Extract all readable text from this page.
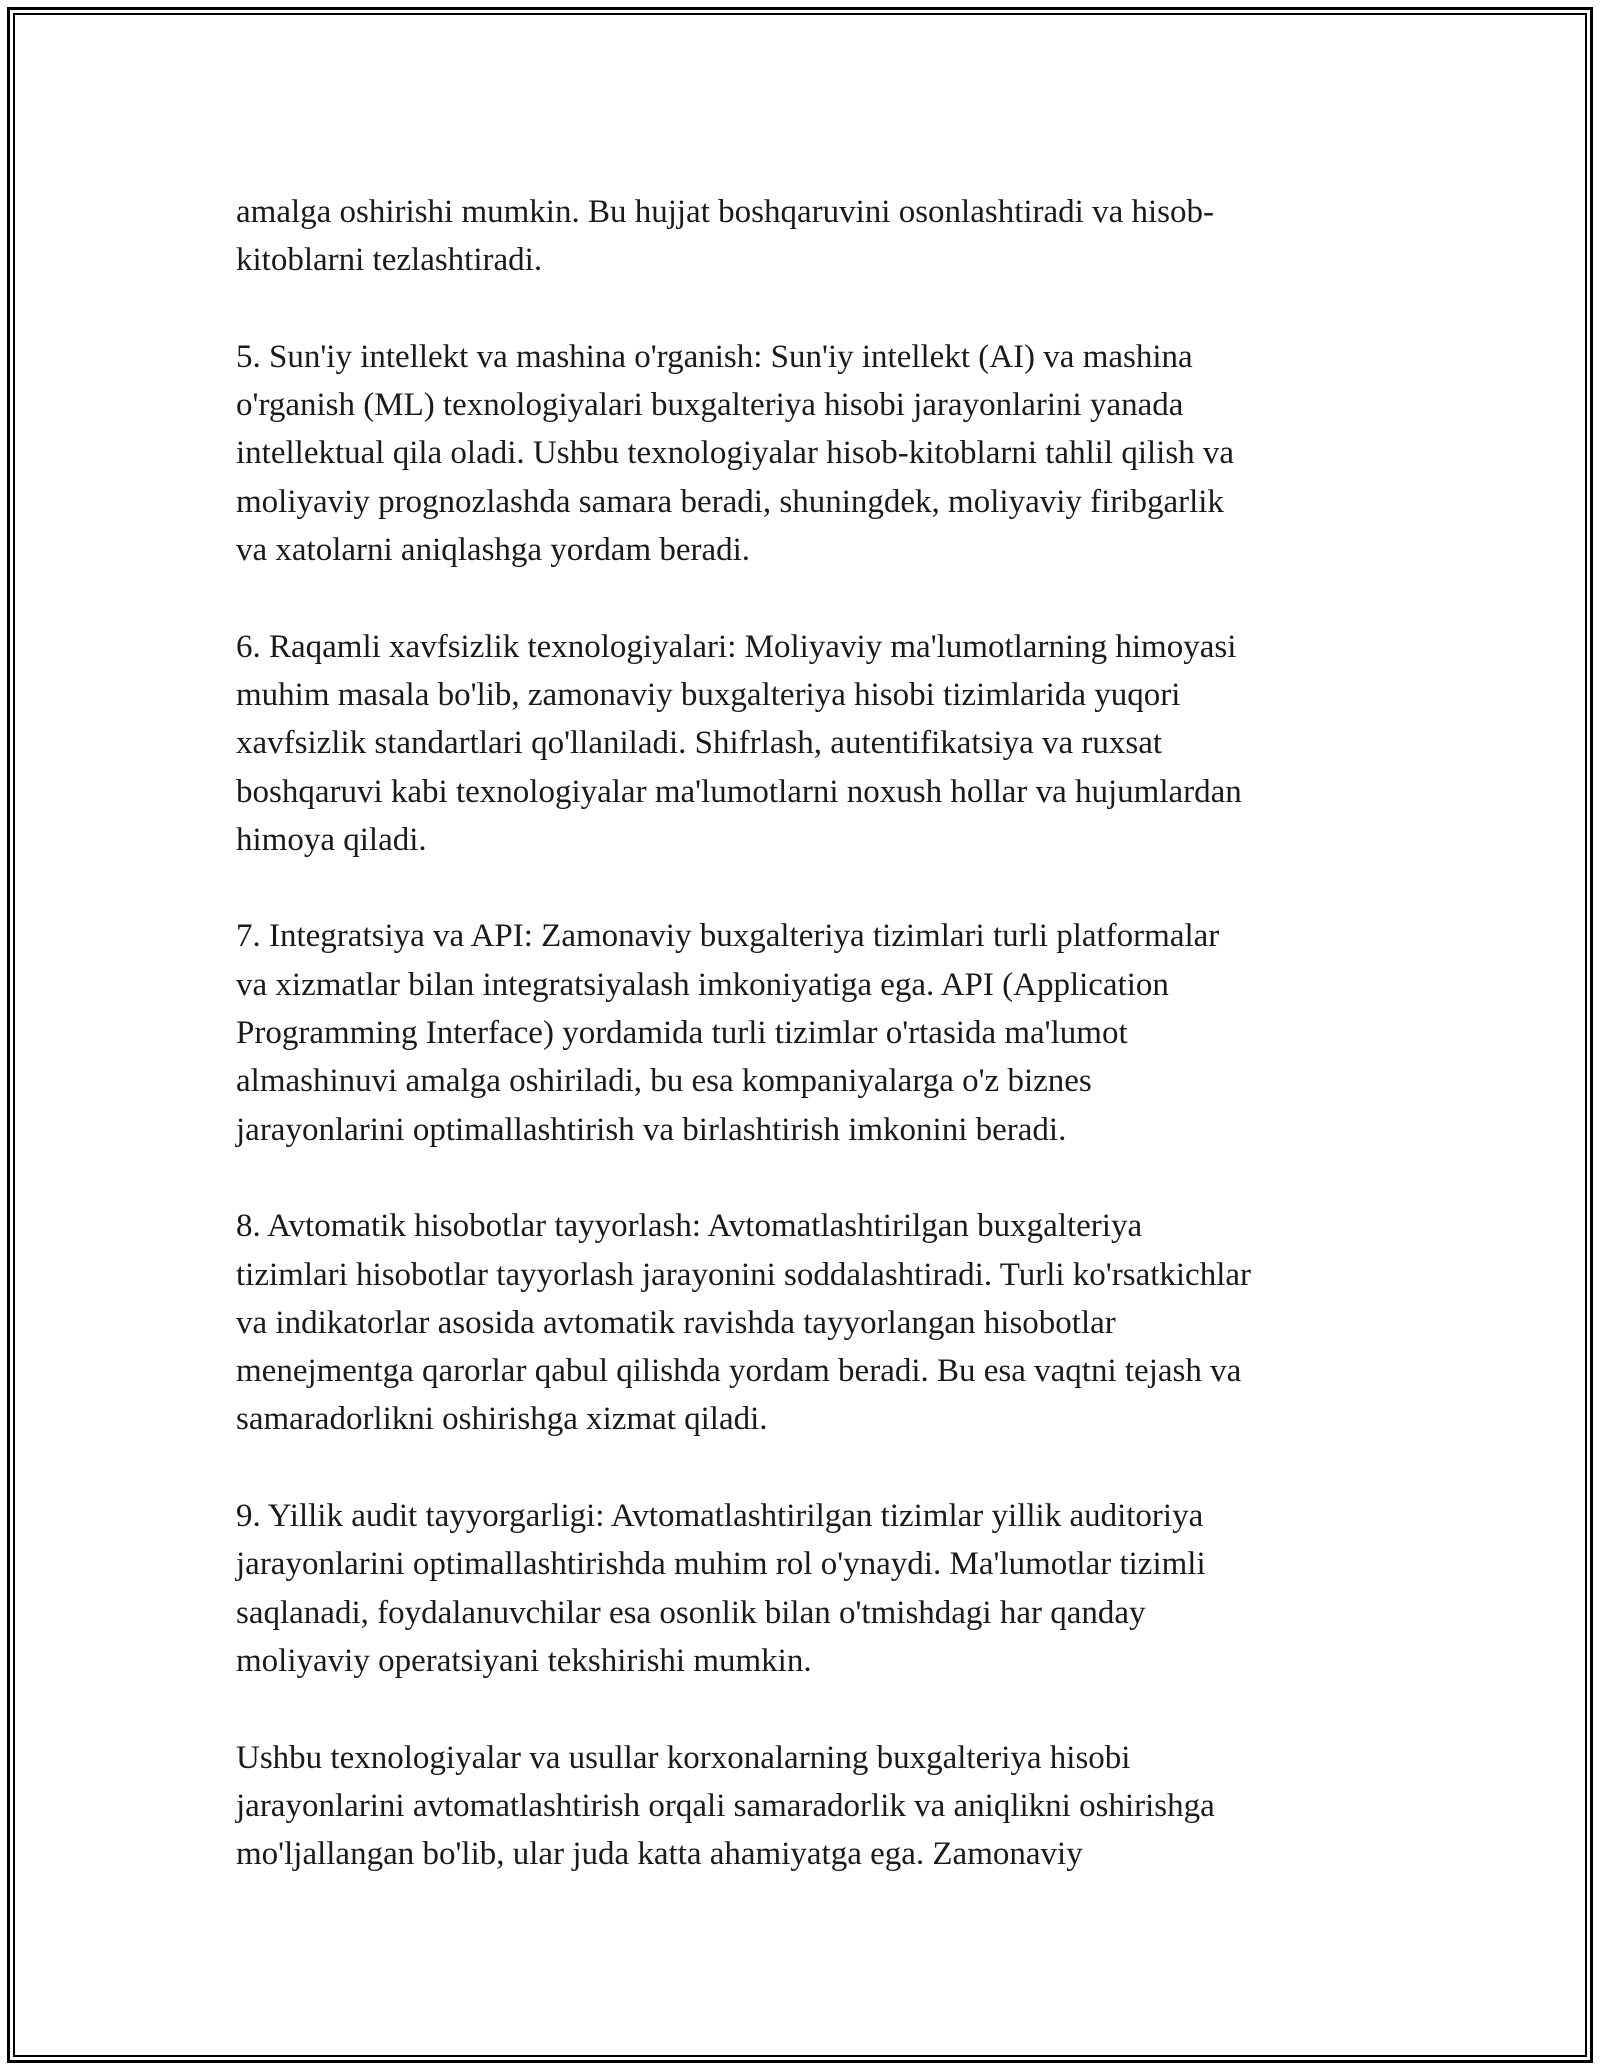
amalga oshirishi mumkin. Bu hujjat boshqaruvini osonlashtiradi va hisob-
kitoblarni tezlashtiradi.

5. Sun'iy intellekt va mashina o'rganish: Sun'iy intellekt (AI) va mashina
o'rganish (ML) texnologiyalari buxgalteriya hisobi jarayonlarini yanada
intellektual qila oladi. Ushbu texnologiyalar hisob-kitoblarni tahlil qilish va
moliyaviy prognozlashda samara beradi, shuningdek, moliyaviy firibgarlik
va xatolarni aniqlashga yordam beradi.

6. Raqamli xavfsizlik texnologiyalari: Moliyaviy ma'lumotlarning himoyasi
muhim masala bo'lib, zamonaviy buxgalteriya hisobi tizimlarida yuqori
xavfsizlik standartlari qo'llaniladi. Shifrlash, autentifikatsiya va ruxsat
boshqaruvi kabi texnologiyalar ma'lumotlarni noxush hollar va hujumlardan
himoya qiladi.

7. Integratsiya va API: Zamonaviy buxgalteriya tizimlari turli platformalar
va xizmatlar bilan integratsiyalash imkoniyatiga ega. API (Application
Programming Interface) yordamida turli tizimlar o'rtasida ma'lumot
almashinuvi amalga oshiriladi, bu esa kompaniyalarga o'z biznes
jarayonlarini optimallashtirish va birlashtirish imkonini beradi.

8. Avtomatik hisobotlar tayyorlash: Avtomatlashtirilgan buxgalteriya
tizimlari hisobotlar tayyorlash jarayonini soddalashtiradi. Turli ko'rsatkichlar
va indikatorlar asosida avtomatik ravishda tayyorlangan hisobotlar
menejmentga qarorlar qabul qilishda yordam beradi. Bu esa vaqtni tejash va
samaradorlikni oshirishga xizmat qiladi.

9. Yillik audit tayyorgarligi: Avtomatlashtirilgan tizimlar yillik auditoriya
jarayonlarini optimallashtirishda muhim rol o'ynaydi. Ma'lumotlar tizimli
saqlanadi, foydalanuvchilar esa osonlik bilan o'tmishdagi har qanday
moliyaviy operatsiyani tekshirishi mumkin.

Ushbu texnologiyalar va usullar korxonalarning buxgalteriya hisobi
jarayonlarini avtomatlashtirish orqali samaradorlik va aniqlikni oshirishga
mo'ljallangan bo'lib, ular juda katta ahamiyatga ega. Zamonaviy
